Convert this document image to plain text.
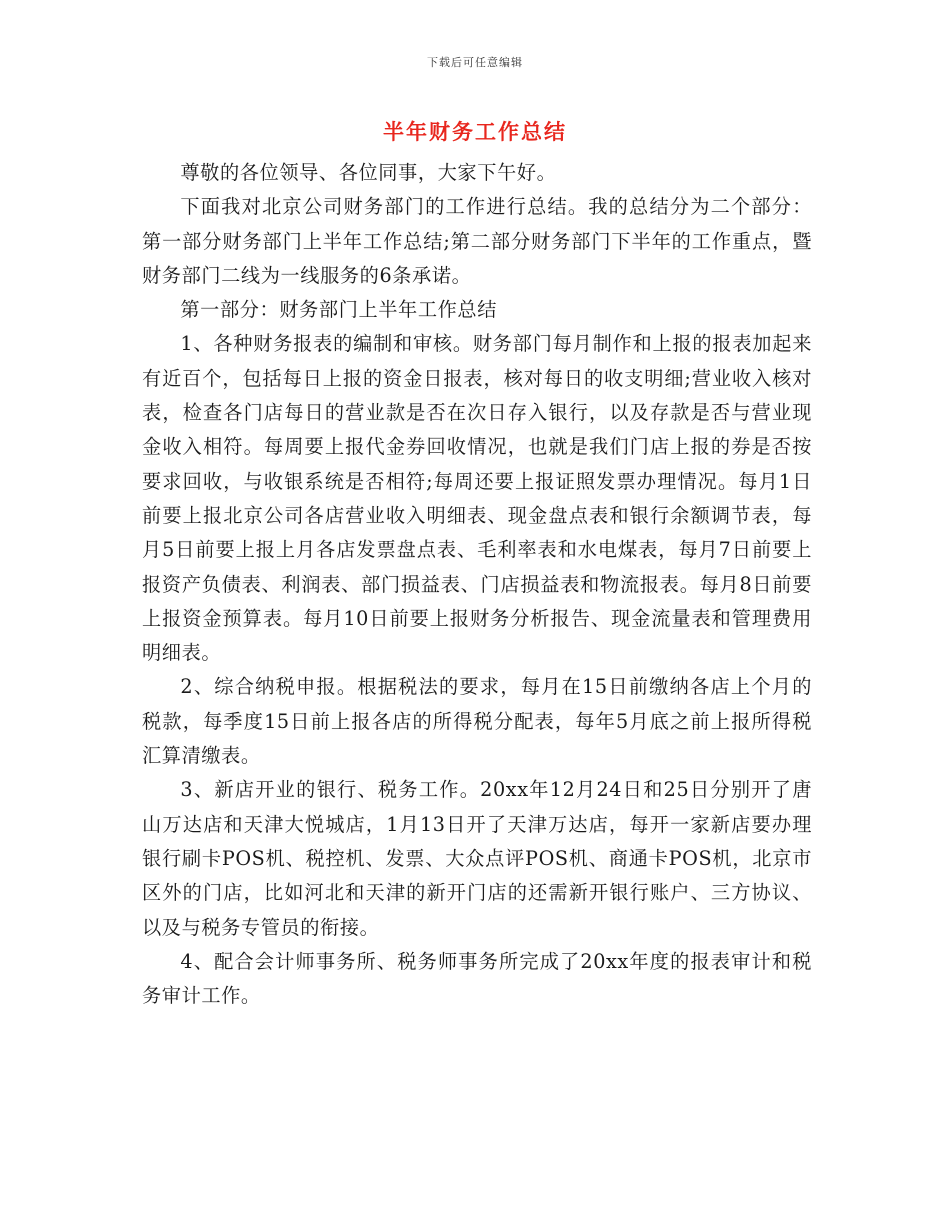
下载后可任意编辑
半年财务工作总结

尊敬的各位领导、各位同事，大家下午好。

下面我对北京公司财务部门的工作进行总结。我的总结分为二个部分：第一部分财务部门上半年工作总结;第二部分财务部门下半年的工作重点，暨财务部门二线为一线服务的6条承诺。

第一部分：财务部门上半年工作总结

1、各种财务报表的编制和审核。财务部门每月制作和上报的报表加起来有近百个，包括每日上报的资金日报表，核对每日的收支明细;营业收入核对表，检查各门店每日的营业款是否在次日存入银行，以及存款是否与营业现金收入相符。每周要上报代金券回收情况，也就是我们门店上报的券是否按要求回收，与收银系统是否相符;每周还要上报证照发票办理情况。每月1日前要上报北京公司各店营业收入明细表、现金盘点表和银行余额调节表，每月5日前要上报上月各店发票盘点表、毛利率表和水电煤表，每月7日前要上报资产负债表、利润表、部门损益表、门店损益表和物流报表。每月8日前要上报资金预算表。每月10日前要上报财务分析报告、现金流量表和管理费用明细表。

2、综合纳税申报。根据税法的要求，每月在15日前缴纳各店上个月的税款，每季度15日前上报各店的所得税分配表，每年5月底之前上报所得税汇算清缴表。

3、新店开业的银行、税务工作。20xx年12月24日和25日分别开了唐山万达店和天津大悦城店，1月13日开了天津万达店，每开一家新店要办理银行刷卡POS机、税控机、发票、大众点评POS机、商通卡POS机，北京市区外的门店，比如河北和天津的新开门店的还需新开银行账户、三方协议、以及与税务专管员的衔接。

4、配合会计师事务所、税务师事务所完成了20xx年度的报表审计和税务审计工作。
